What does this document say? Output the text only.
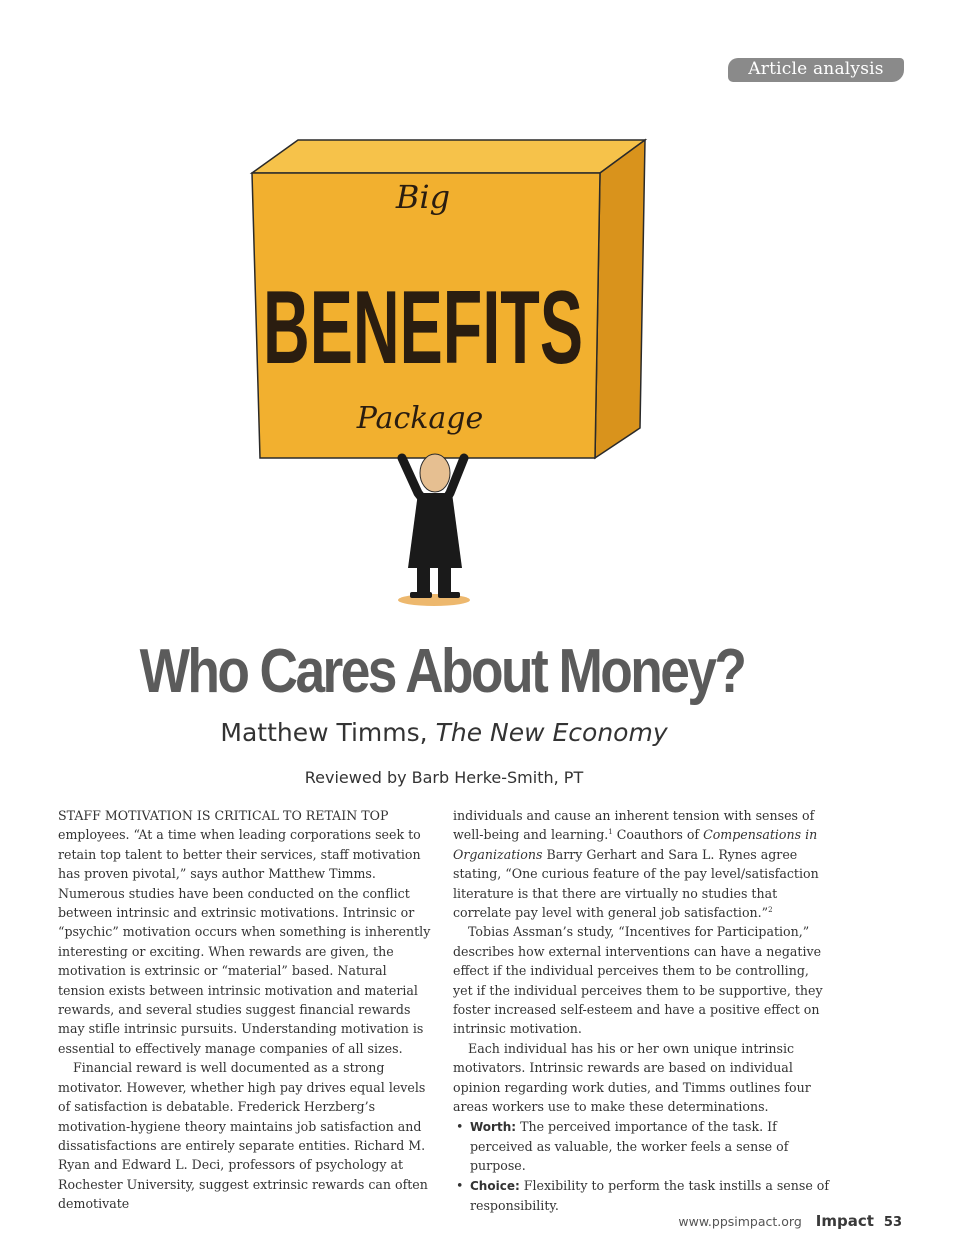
Article analysis
Big
BENEFITS
Package
Who Cares About Money?
Matthew Timms, The New Economy
Reviewed by Barb Herke-Smith, PT

STAFF MOTIVATION IS CRITICAL TO RETAIN TOP employees. “At a time when leading corporations seek to retain top talent to better their services, staff motivation has proven pivotal,” says author Matthew Timms. Numerous studies have been conducted on the conflict between intrinsic and extrinsic motivations. Intrinsic or “psychic” motivation occurs when something is inherently interesting or exciting. When rewards are given, the motivation is extrinsic or “material” based. Natural tension exists between intrinsic motivation and material rewards, and several studies suggest financial rewards may stifle intrinsic pursuits. Understanding motivation is essential to effectively manage companies of all sizes.

Financial reward is well documented as a strong motivator. However, whether high pay drives equal levels of satisfaction is debatable. Frederick Herzberg’s motivation-hygiene theory maintains job satisfaction and dissatisfactions are entirely separate entities. Richard M. Ryan and Edward L. Deci, professors of psychology at Rochester University, suggest extrinsic rewards can often demotivate

individuals and cause an inherent tension with senses of well-being and learning.$^1$ Coauthors of Compensations in Organizations Barry Gerhart and Sara L. Rynes agree stating, “One curious feature of the pay level/satisfaction literature is that there are virtually no studies that correlate pay level with general job satisfaction.”$^2$

Tobias Assman’s study, “Incentives for Participation,” describes how external interventions can have a negative effect if the individual perceives them to be controlling, yet if the individual perceives them to be supportive, they foster increased self-esteem and have a positive effect on intrinsic motivation.

Each individual has his or her own unique intrinsic motivators. Intrinsic rewards are based on individual opinion regarding work duties, and Timms outlines four areas workers use to make these determinations.

• Worth: The perceived importance of the task. If perceived as valuable, the worker feels a sense of purpose.
• Choice: Flexibility to perform the task instills a sense of responsibility.
www.ppsimpact.org Impact 53
